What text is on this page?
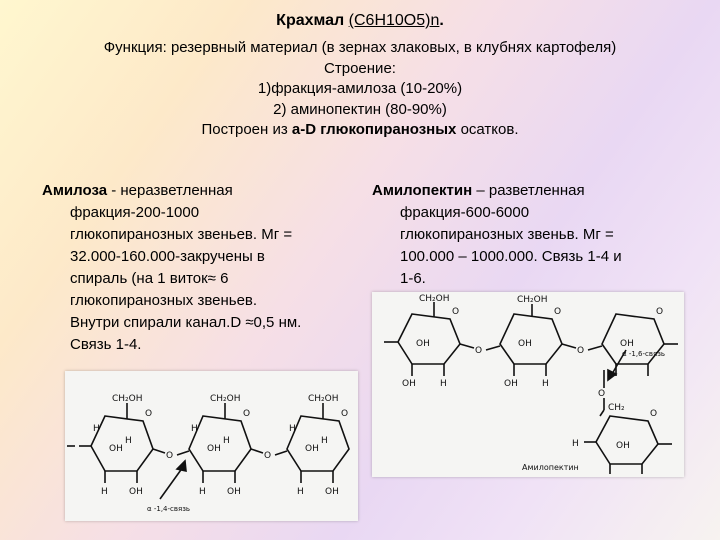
Крахмал (С6Н10О5)n.
Функция: резервный материал (в зернах злаковых, в клубнях картофеля)
Строение:
1)фракция-амилоза (10-20%)
2) аминопектин (80-90%)
Построен из a-D глюкопиранозных осатков.
Амилоза - неразветленная
фракция-200-1000
глюкопиранозных звеньев. Мг =
32.000-160.000-закручены в
спираль (на 1 виток≈ 6
глюкопиранозных звеньев.
Внутри спирали канал.D ≈0,5 нм.
Связь 1-4.
Амилопектин – разветленная
фракция-600-6000
глюкопиранозных звеньв. Мг =
100.000 – 1000.000. Связь 1-4 и
1-6.
CH₂OH	CH₂OH	CH₂OH
O	O	O
H	H	H
OH	OH	OH
H	H	H
O	O
H	H	H
OH	OH	OH
α -1,4-связь
CH₂OH	CH₂OH
O	O	O
OH	OH	OH
O	O
OH	H	OH	H
O
CH₂
α -1,6-связь
O
OH
H
Амилопектин
